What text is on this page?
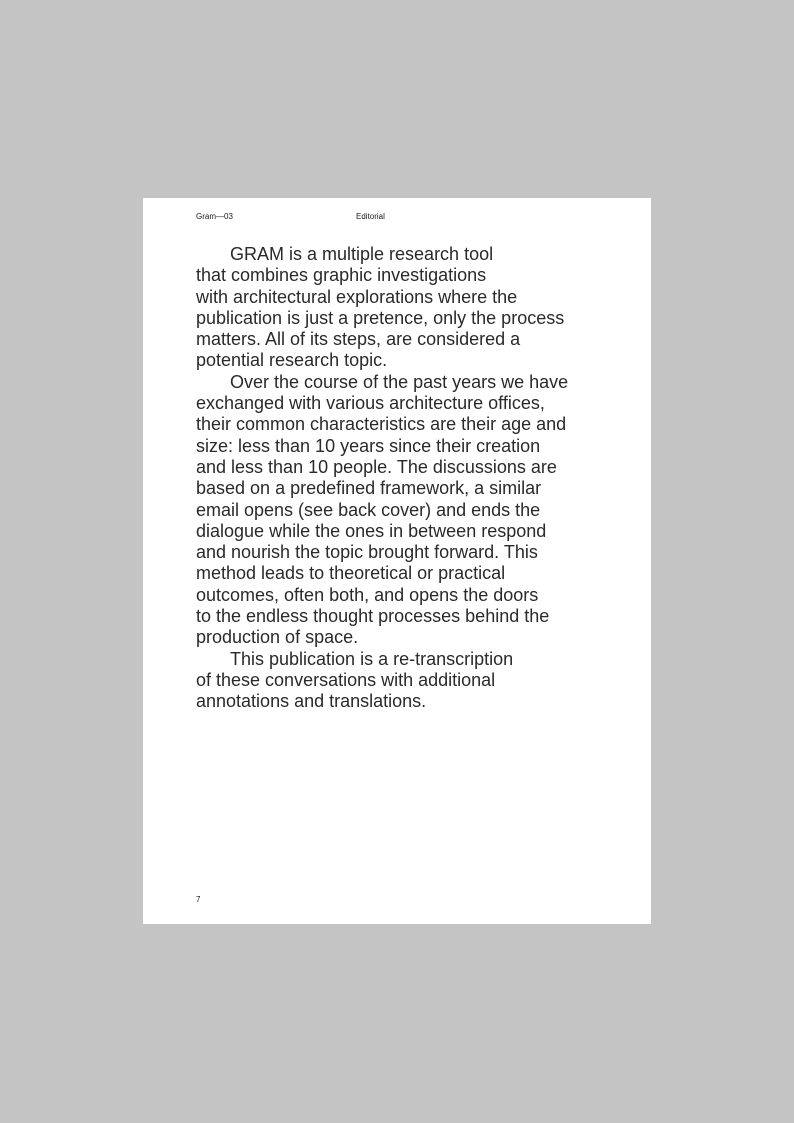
Gram—03	Editorial
GRAM is a multiple research tool
that combines graphic investigations
with architectural explorations where the
publication is just a pretence, only the process
matters. All of its steps, are considered a
potential research topic.
Over the course of the past years we have
exchanged with various architecture offices,
their common characteristics are their age and
size: less than 10 years since their creation
and less than 10 people. The discussions are
based on a predefined framework, a similar
email opens (see back cover) and ends the
dialogue while the ones in between respond
and nourish the topic brought forward. This
method leads to theoretical or practical
outcomes, often both, and opens the doors
to the endless thought processes behind the
production of space.
This publication is a re-transcription
of these conversations with additional
annotations and translations.
7
